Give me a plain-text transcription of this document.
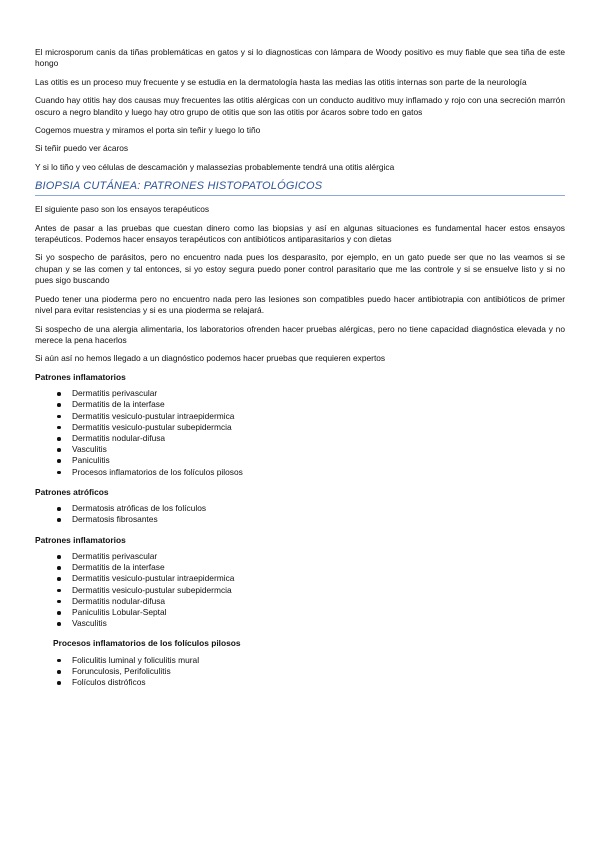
El microsporum canis da tiñas problemáticas en gatos y si lo diagnosticas con lámpara de Woody positivo es muy fiable que sea tiña de este hongo

Las otitis es un proceso muy frecuente y se estudia en la dermatología hasta las medias las otitis internas son parte de la neurología

Cuando hay otitis hay dos causas muy frecuentes las otitis alérgicas con un conducto auditivo muy inflamado y rojo con una secreción marrón oscuro a negro blandito y luego hay otro grupo de otitis que son las otitis por ácaros sobre todo en gatos

Cogemos muestra y miramos el porta sin teñir y luego lo tiño

Si teñir puedo ver ácaros

Y si lo tiño y veo células de descamación y malassezias probablemente tendrá una otitis alérgica

BIOPSIA CUTÁNEA: PATRONES HISTOPATOLÓGICOS

El siguiente paso son los ensayos terapéuticos

Antes de pasar a las pruebas que cuestan dinero como las biopsias y así en algunas situaciones es fundamental hacer estos ensayos terapéuticos. Podemos hacer ensayos terapéuticos con antibióticos antiparasitarios y con dietas

Si yo sospecho de parásitos, pero no encuentro nada pues los desparasito, por ejemplo, en un gato puede ser que no las veamos si se chupan y se las comen y tal entonces, si yo estoy segura puedo poner control parasitario que me las controle y si se ensuelve listo y si no pues sigo buscando

Puedo tener una pioderma pero no encuentro nada pero las lesiones son compatibles puedo hacer antibiotrapia con antibióticos de primer nivel para evitar resistencias y si es una pioderma se relajará.

Si sospecho de una alergia alimentaria, los laboratorios ofrenden hacer pruebas alérgicas, pero no tiene capacidad diagnóstica elevada y no merece la pena hacerlos

Si aún así no hemos llegado a un diagnóstico podemos hacer pruebas que requieren expertos

Patrones inflamatorios
Dermatitis perivascular
Dermatitis de la interfase
Dermatitis vesiculo-pustular intraepidermica
Dermatitis vesiculo-pustular subepidermcia
Dermatitis nodular-difusa
Vasculitis
Paniculitis
Procesos inflamatorios de los folículos pilosos
Patrones atróficos
Dermatosis atróficas de los folículos
Dermatosis fibrosantes
Patrones inflamatorios
Dermatitis perivascular
Dermatitis de la interfase
Dermatitis vesiculo-pustular intraepidermica
Dermatitis vesiculo-pustular subepidermcia
Dermatitis nodular-difusa
Paniculitis Lobular-Septal
Vasculitis
Procesos inflamatorios de los folículos pilosos
Foliculitis luminal y foliculitis mural
Forunculosis, Perifoliculitis
Folículos distróficos
